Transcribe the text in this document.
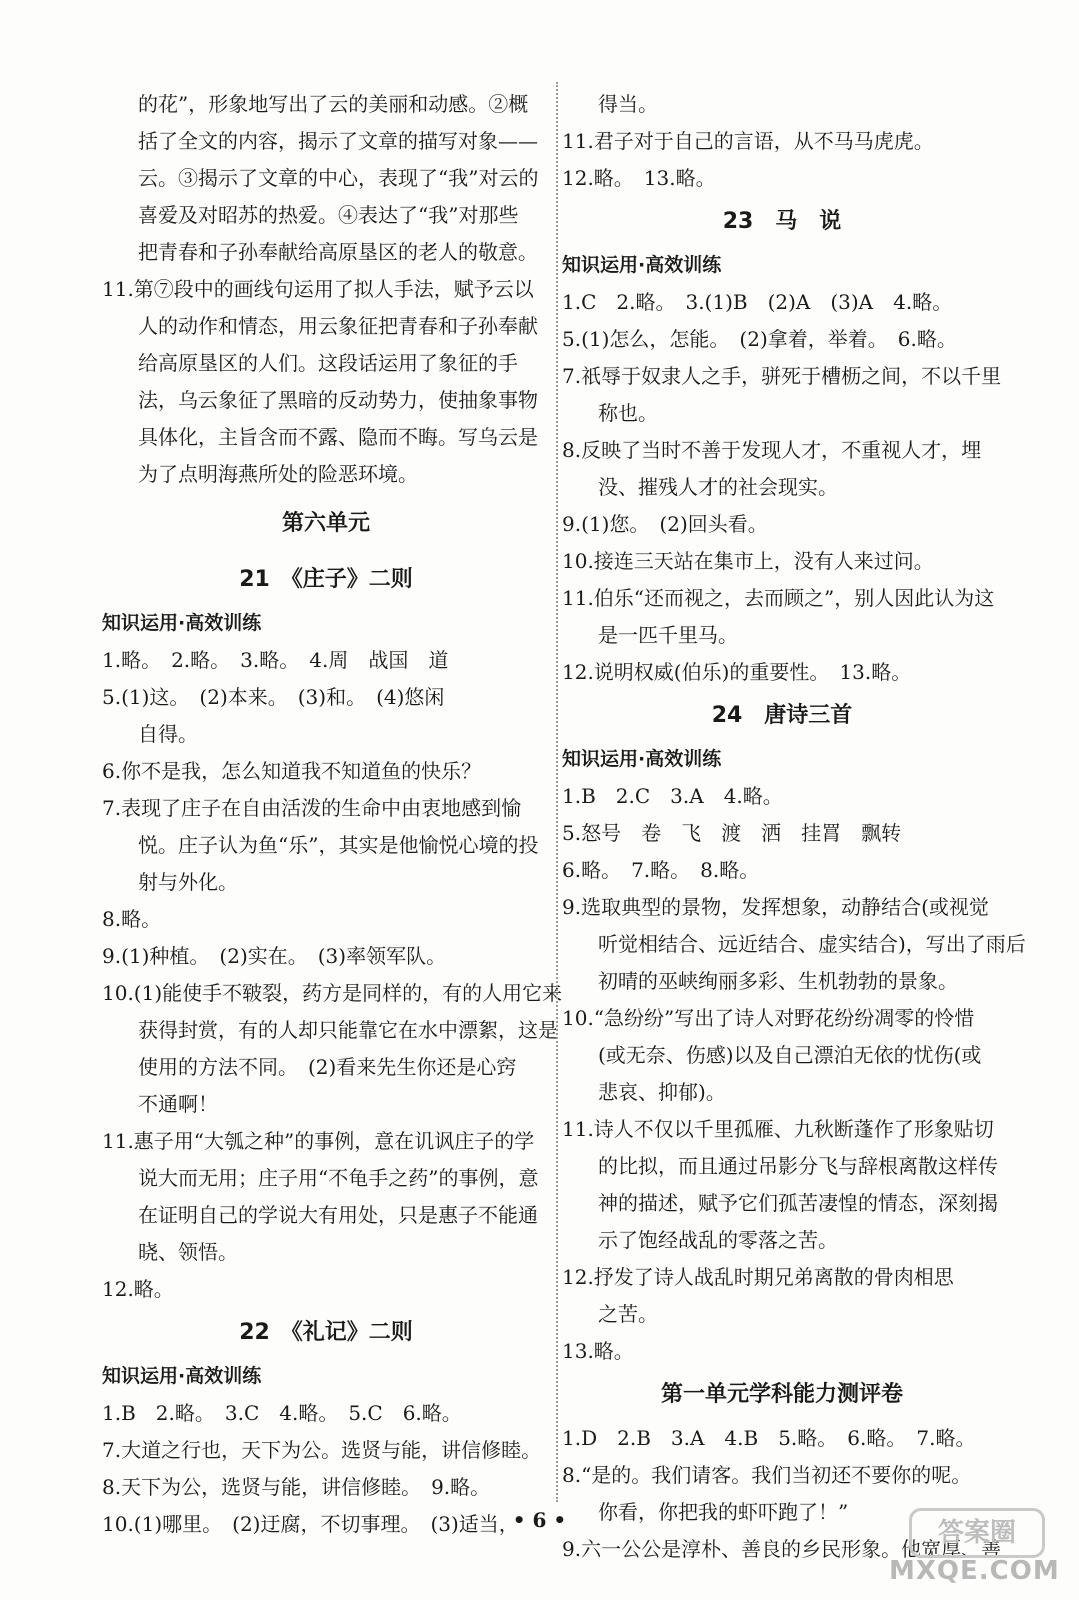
的花”，形象地写出了云的美丽和动感。②概
括了全文的内容，揭示了文章的描写对象——
云。③揭示了文章的中心，表现了“我”对云的
喜爱及对昭苏的热爱。④表达了“我”对那些
把青春和子孙奉献给高原垦区的老人的敬意。
11.第⑦段中的画线句运用了拟人手法，赋予云以
人的动作和情态，用云象征把青春和子孙奉献
给高原垦区的人们。这段话运用了象征的手
法，乌云象征了黑暗的反动势力，使抽象事物
具体化，主旨含而不露、隐而不晦。写乌云是
为了点明海燕所处的险恶环境。
第六单元
21　《庄子》二则
知识运用·高效训练
1.略。　2.略。　3.略。　4.周　战国　道
5.(1)这。　(2)本来。　(3)和。　(4)悠闲
自得。
6.你不是我，怎么知道我不知道鱼的快乐？
7.表现了庄子在自由活泼的生命中由衷地感到愉
悦。庄子认为鱼“乐”，其实是他愉悦心境的投
射与外化。
8.略。
9.(1)种植。　(2)实在。　(3)率领军队。
10.(1)能使手不皲裂，药方是同样的，有的人用它来
获得封赏，有的人却只能靠它在水中漂絮，这是
使用的方法不同。　(2)看来先生你还是心窍
不通啊！
11.惠子用“大瓠之种”的事例，意在讥讽庄子的学
说大而无用；庄子用“不龟手之药”的事例，意
在证明自己的学说大有用处，只是惠子不能通
晓、领悟。
12.略。
22　《礼记》二则
知识运用·高效训练
1.B　2.略。　3.C　4.略。　5.C　6.略。
7.大道之行也，天下为公。选贤与能，讲信修睦。
8.天下为公，选贤与能，讲信修睦。　9.略。
10.(1)哪里。　(2)迂腐，不切事理。　(3)适当，
得当。
11.君子对于自己的言语，从不马马虎虎。
12.略。　13.略。
23　马　说
知识运用·高效训练
1.C　2.略。　3.(1)B　(2)A　(3)A　4.略。
5.(1)怎么，怎能。　(2)拿着，举着。　6.略。
7.祇辱于奴隶人之手，骈死于槽枥之间，不以千里
称也。
8.反映了当时不善于发现人才，不重视人才，埋
没、摧残人才的社会现实。
9.(1)您。　(2)回头看。
10.接连三天站在集市上，没有人来过问。
11.伯乐“还而视之，去而顾之”，别人因此认为这
是一匹千里马。
12.说明权威(伯乐)的重要性。　13.略。
24　唐诗三首
知识运用·高效训练
1.B　2.C　3.A　4.略。
5.怒号　卷　飞　渡　洒　挂罥　飘转
6.略。　7.略。　8.略。
9.选取典型的景物，发挥想象，动静结合(或视觉
听觉相结合、远近结合、虚实结合)，写出了雨后
初晴的巫峡绚丽多彩、生机勃勃的景象。
10.“急纷纷”写出了诗人对野花纷纷凋零的怜惜
(或无奈、伤感)以及自己漂泊无依的忧伤(或
悲哀、抑郁)。
11.诗人不仅以千里孤雁、九秋断蓬作了形象贴切
的比拟，而且通过吊影分飞与辞根离散这样传
神的描述，赋予它们孤苦凄惶的情态，深刻揭
示了饱经战乱的零落之苦。
12.抒发了诗人战乱时期兄弟离散的骨肉相思
之苦。
13.略。
第一单元学科能力测评卷
1.D　2.B　3.A　4.B　5.略。　6.略。　7.略。
8.“是的。我们请客。我们当初还不要你的呢。
你看，你把我的虾吓跑了！”
9.六一公公是淳朴、善良的乡民形象。他宽厚、善
• 6 •	答案圈
MXQE.COM
